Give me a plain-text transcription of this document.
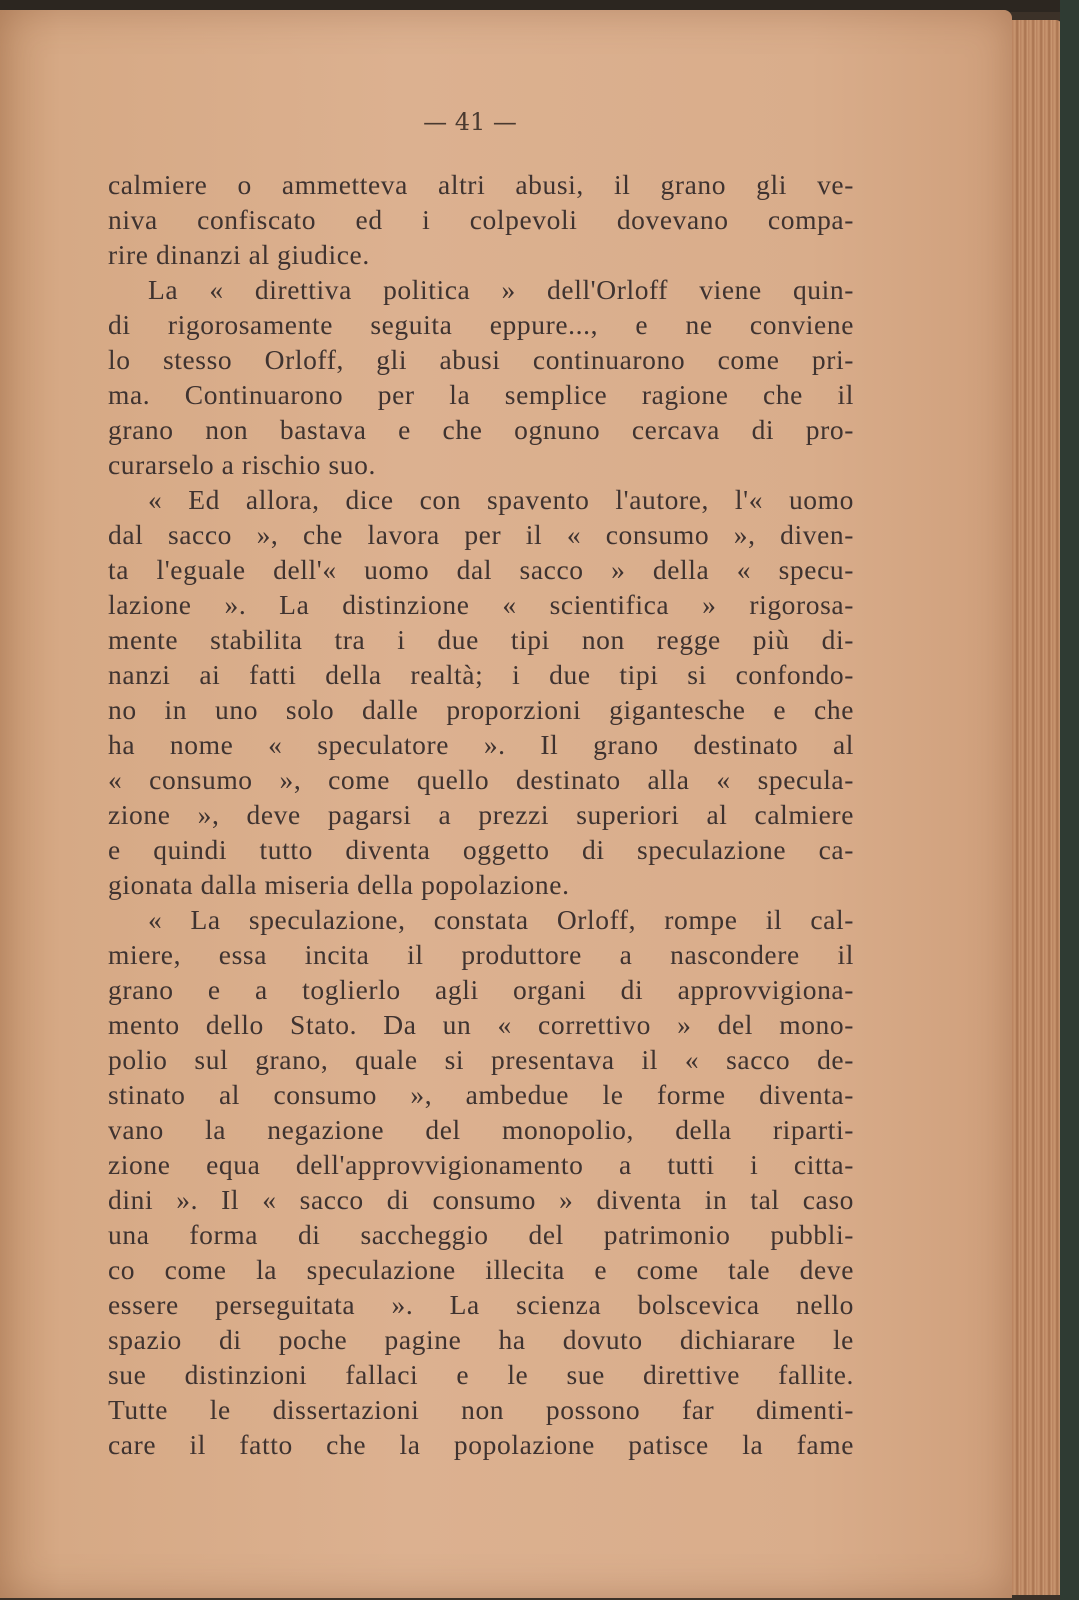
— 41 —
calmiere o ammetteva altri abusi, il grano gli ve-
niva confiscato ed i colpevoli dovevano compa-
rire dinanzi al giudice.
La « direttiva politica » dell'Orloff viene quin-
di rigorosamente seguita eppure..., e ne conviene
lo stesso Orloff, gli abusi continuarono come pri-
ma. Continuarono per la semplice ragione che il
grano non bastava e che ognuno cercava di pro-
curarselo a rischio suo.
« Ed allora, dice con spavento l'autore, l'« uomo
dal sacco », che lavora per il « consumo », diven-
ta l'eguale dell'« uomo dal sacco » della « specu-
lazione ». La distinzione « scientifica » rigorosa-
mente stabilita tra i due tipi non regge più di-
nanzi ai fatti della realtà; i due tipi si confondo-
no in uno solo dalle proporzioni gigantesche e che
ha nome « speculatore ». Il grano destinato al
« consumo », come quello destinato alla « specula-
zione », deve pagarsi a prezzi superiori al calmiere
e quindi tutto diventa oggetto di speculazione ca-
gionata dalla miseria della popolazione.
« La speculazione, constata Orloff, rompe il cal-
miere, essa incita il produttore a nascondere il
grano e a toglierlo agli organi di approvvigiona-
mento dello Stato. Da un « correttivo » del mono-
polio sul grano, quale si presentava il « sacco de-
stinato al consumo », ambedue le forme diventa-
vano la negazione del monopolio, della riparti-
zione equa dell'approvvigionamento a tutti i citta-
dini ». Il « sacco di consumo » diventa in tal caso
una forma di saccheggio del patrimonio pubbli-
co come la speculazione illecita e come tale deve
essere perseguitata ». La scienza bolscevica nello
spazio di poche pagine ha dovuto dichiarare le
sue distinzioni fallaci e le sue direttive fallite.
Tutte le dissertazioni non possono far dimenti-
care il fatto che la popolazione patisce la fame
